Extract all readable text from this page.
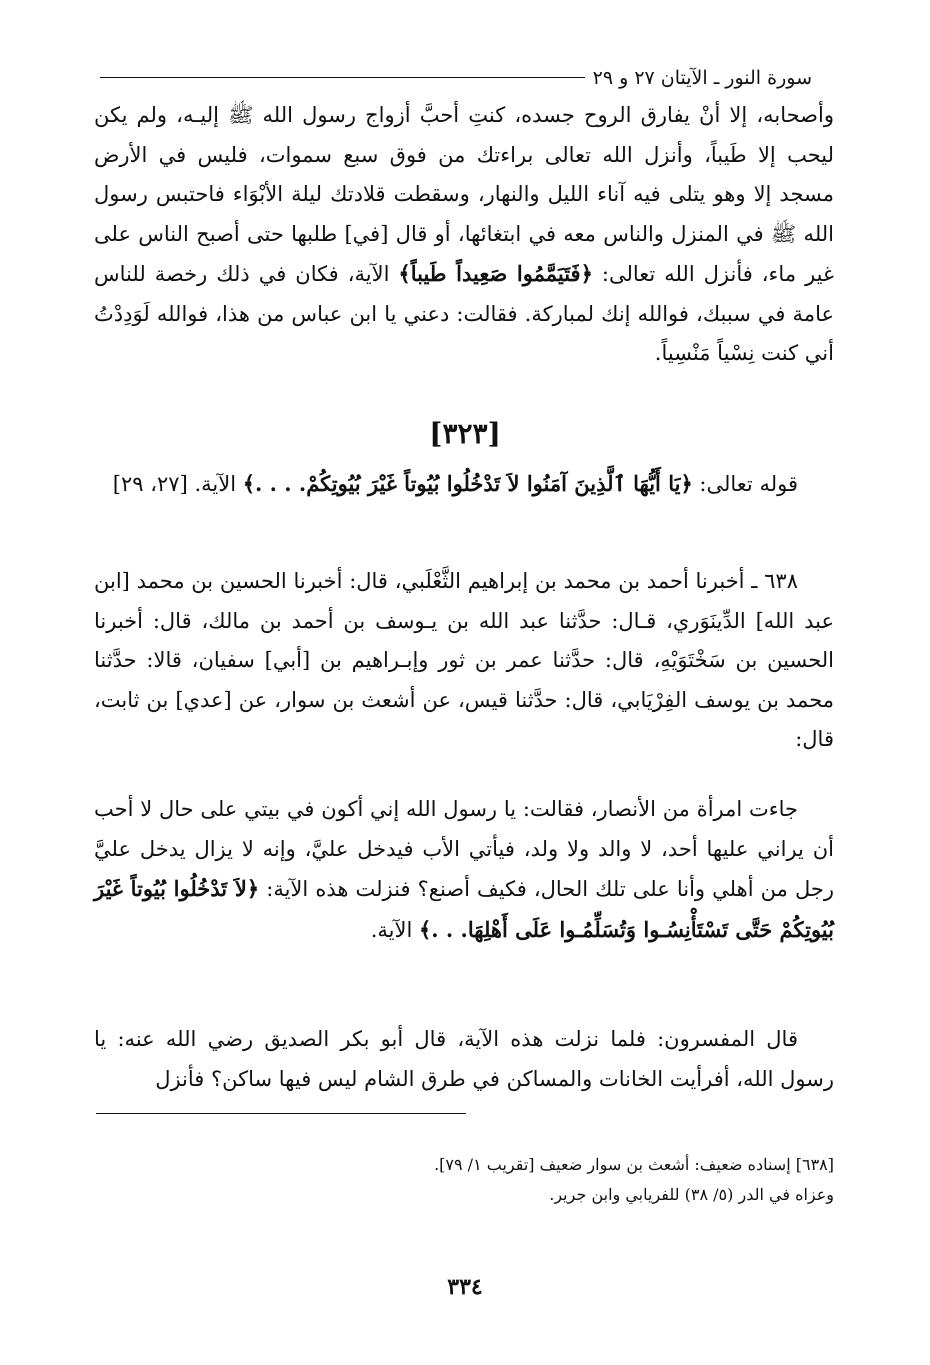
سورة النور ـ الآيتان ٢٧ و ٢٩

وأصحابه، إلا أنْ يفارق الروح جسده، كنتِ أحبَّ أزواج رسول الله ﷺ إليـه، ولم يكن ليحب إلا طَيباً، وأنزل الله تعالى براءتك من فوق سبع سموات، فليس في الأرض مسجد إلا وهو يتلى فيه آناء الليل والنهار، وسقطت قلادتك ليلة الأبْوَاء فاحتبس رسول الله ﷺ في المنزل والناس معه في ابتغائها، أو قال [في] طلبها حتى أصبح الناس على غير ماء، فأنزل الله تعالى: ﴿فَتَيَمَّمُوا صَعِيداً طَيباً﴾ الآية، فكان في ذلك رخصة للناس عامة في سببك، فوالله إنك لمباركة. فقالت: دعني يا ابن عباس من هذا، فوالله لَوَدِدْتُ أني كنت نِسْياً مَنْسِياً.

[٣٢٣]

قوله تعالى: ﴿يَا أَيُّهَا ٱلَّذِينَ آمَنُوا لاَ تَدْخُلُوا بُيُوتاً غَيْرَ بُيُوتِكُمْ. . . .﴾ الآية. [٢٧، ٢٩]

٦٣٨ ـ أخبرنا أحمد بن محمد بن إبراهيم الثَّعْلَبي، قال: أخبرنا الحسين بن محمد [ابن عبد الله] الدِّينَوَري، قـال: حدَّثنا عبد الله بن يـوسف بن أحمد بن مالك، قال: أخبرنا الحسين بن سَخْتَوَيْهِ، قال: حدَّثنا عمر بن ثور وإبـراهيم بن [أبي] سفيان، قالا: حدَّثنا محمد بن يوسف الفِرْيَابي، قال: حدَّثنا قيس، عن أشعث بن سوار، عن [عدي] بن ثابت، قال:

جاءت امرأة من الأنصار، فقالت: يا رسول الله إني أكون في بيتي على حال لا أحب أن يراني عليها أحد، لا والد ولا ولد، فيأتي الأب فيدخل عليَّ، وإنه لا يزال يدخل عليَّ رجل من أهلي وأنا على تلك الحال، فكيف أصنع؟ فنزلت هذه الآية: ﴿لاَ تَدْخُلُوا بُيُوتاً غَيْرَ بُيُوتِكُمْ حَتَّى تَسْتَأْنِسُـوا وَتُسَلِّمُـوا عَلَى أَهْلِهَا. . .﴾ الآية.

قال المفسرون: فلما نزلت هذه الآية، قال أبو بكر الصديق رضي الله عنه: يا رسول الله، أفرأيت الخانات والمساكن في طرق الشام ليس فيها ساكن؟ فأنزل

[٦٣٨] إسناده ضعيف: أشعث بن سوار ضعيف [تقريب ١/ ٧٩].

وعزاه في الدر (٥/ ٣٨) للفريابي وابن جرير.

٣٣٤
